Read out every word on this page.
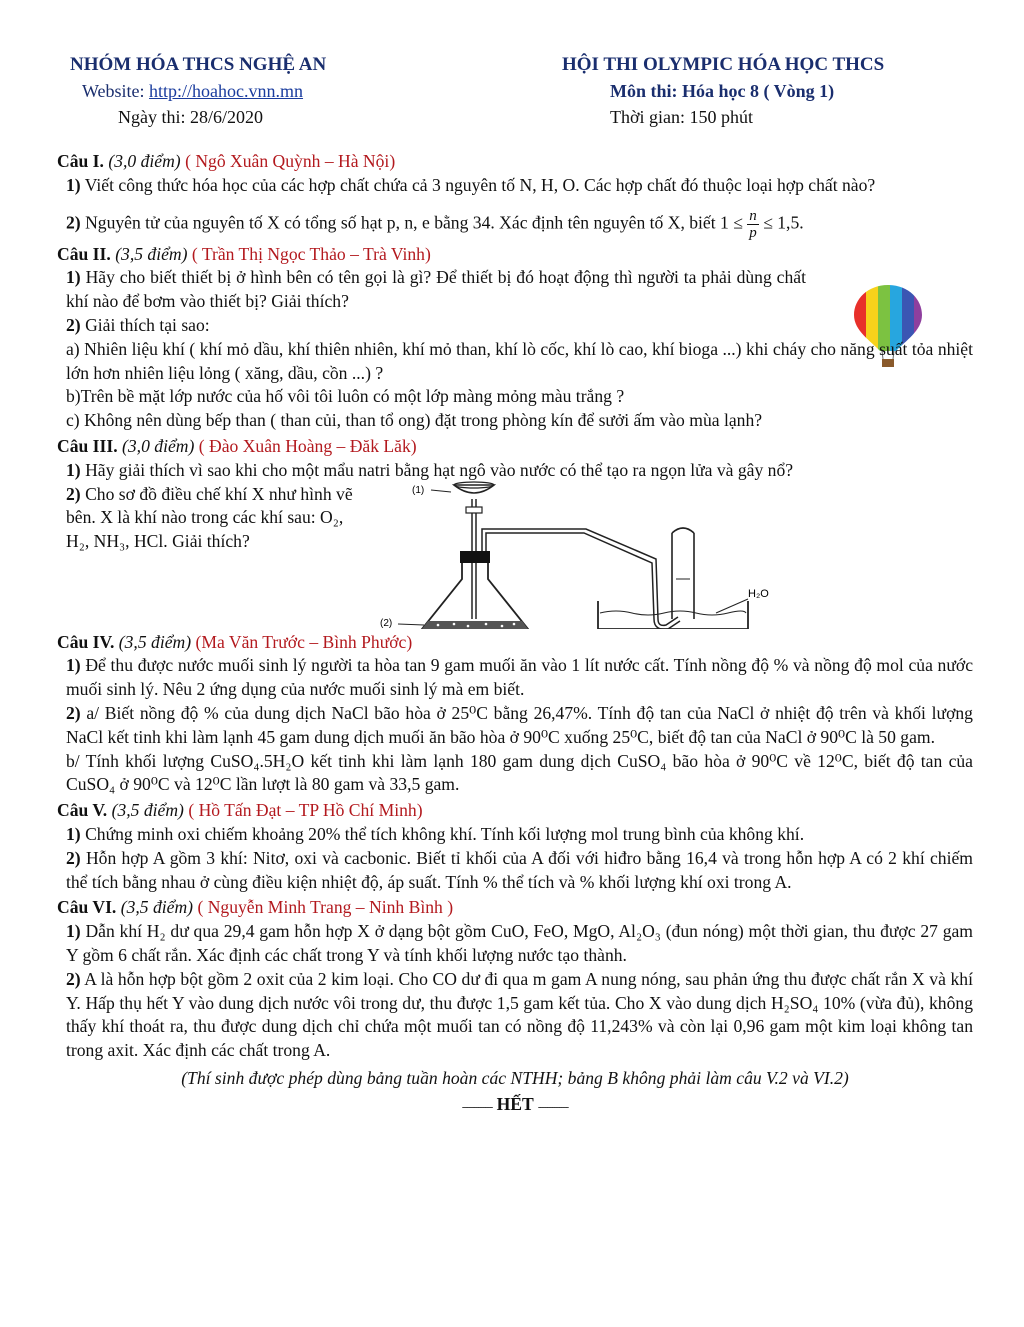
NHÓM HÓA THCS NGHỆ AN
Website: http://hoahoc.vnn.mn
Ngày thi: 28/6/2020
HỘI THI OLYMPIC HÓA HỌC THCS
Môn thi: Hóa học 8 ( Vòng 1)
Thời gian: 150 phút
Câu I. (3,0 điểm) ( Ngô Xuân Quỳnh – Hà Nội)
1) Viết công thức hóa học của các hợp chất chứa cả 3 nguyên tố N, H, O. Các hợp chất đó thuộc loại hợp chất nào?
2) Nguyên tử của nguyên tố X có tổng số hạt p, n, e bằng 34. Xác định tên nguyên tố X, biết $1 \le \frac{n}{p} \le 1,5$.
Câu II. (3,5 điểm) ( Trần Thị Ngọc Thảo – Trà Vinh)
1) Hãy cho biết thiết bị ở hình bên có tên gọi là gì? Để thiết bị đó hoạt động thì người ta phải dùng chất khí nào để bơm vào thiết bị? Giải thích?
2) Giải thích tại sao:
a) Nhiên liệu khí ( khí mỏ dầu, khí thiên nhiên, khí mỏ than, khí lò cốc, khí lò cao, khí bioga ...) khi cháy cho năng suất tỏa nhiệt lớn hơn nhiên liệu lỏng ( xăng, dầu, cồn ...) ?
b)Trên bề mặt lớp nước của hố vôi tôi luôn có một lớp màng mỏng màu trắng ?
c) Không nên dùng bếp than ( than củi, than tổ ong) đặt trong phòng kín để sưởi ấm vào mùa lạnh?
Câu III. (3,0 điểm) ( Đào Xuân Hoàng – Đăk Lăk)
1) Hãy giải thích vì sao khi cho một mẩu natri bằng hạt ngô vào nước có thể tạo ra ngọn lửa và gây nổ?
2) Cho sơ đồ điều chế khí X như hình vẽ bên. X là khí nào trong các khí sau: O₂, H₂, NH₃, HCl. Giải thích?
(1)
(2)
H₂O
Câu IV. (3,5 điểm) (Ma Văn Trước – Bình Phước)
1) Để thu được nước muối sinh lý người ta hòa tan 9 gam muối ăn vào 1 lít nước cất. Tính nồng độ % và nồng độ mol của nước muối sinh lý. Nêu 2 ứng dụng của nước muối sinh lý mà em biết.
2) a/ Biết nồng độ % của dung dịch NaCl bão hòa ở 25⁰C bằng 26,47%. Tính độ tan của NaCl ở nhiệt độ trên và khối lượng NaCl kết tinh khi làm lạnh 45 gam dung dịch muối ăn bão hòa ở 90⁰C xuống 25⁰C, biết độ tan của NaCl ở 90⁰C là 50 gam.
b/ Tính khối lượng CuSO₄.5H₂O kết tinh khi làm lạnh 180 gam dung dịch CuSO₄ bão hòa ở 90⁰C về 12⁰C, biết độ tan của CuSO₄ ở 90⁰C và 12⁰C lần lượt là 80 gam và 33,5 gam.
Câu V. (3,5 điểm) ( Hồ Tấn Đạt – TP Hồ Chí Minh)
1) Chứng minh oxi chiếm khoảng 20% thể tích không khí. Tính kối lượng mol trung bình của không khí.
2) Hỗn hợp A gồm 3 khí: Nitơ, oxi và cacbonic. Biết tỉ khối của A đối với hiđro bằng 16,4 và trong hỗn hợp A có 2 khí chiếm thể tích bằng nhau ở cùng điều kiện nhiệt độ, áp suất. Tính % thể tích và % khối lượng khí oxi trong A.
Câu VI. (3,5 điểm) ( Nguyễn Minh Trang – Ninh Bình )
1) Dẫn khí H₂ dư qua 29,4 gam hỗn hợp X ở dạng bột gồm CuO, FeO, MgO, Al₂O₃ (đun nóng) một thời gian, thu được 27 gam Y gồm 6 chất rắn. Xác định các chất trong Y và tính khối lượng nước tạo thành.
2) A là hỗn hợp bột gồm 2 oxit của 2 kim loại. Cho CO dư đi qua m gam A nung nóng, sau phản ứng thu được chất rắn X và khí Y. Hấp thụ hết Y vào dung dịch nước vôi trong dư, thu được 1,5 gam kết tủa. Cho X vào dung dịch H₂SO₄ 10% (vừa đủ), không thấy khí thoát ra, thu được dung dịch chỉ chứa một muối tan có nồng độ 11,243% và còn lại 0,96 gam một kim loại không tan trong axit. Xác định các chất trong A.
(Thí sinh được phép dùng bảng tuần hoàn các NTHH; bảng B không phải làm câu V.2 và VI.2)
------------- HẾT -------------
